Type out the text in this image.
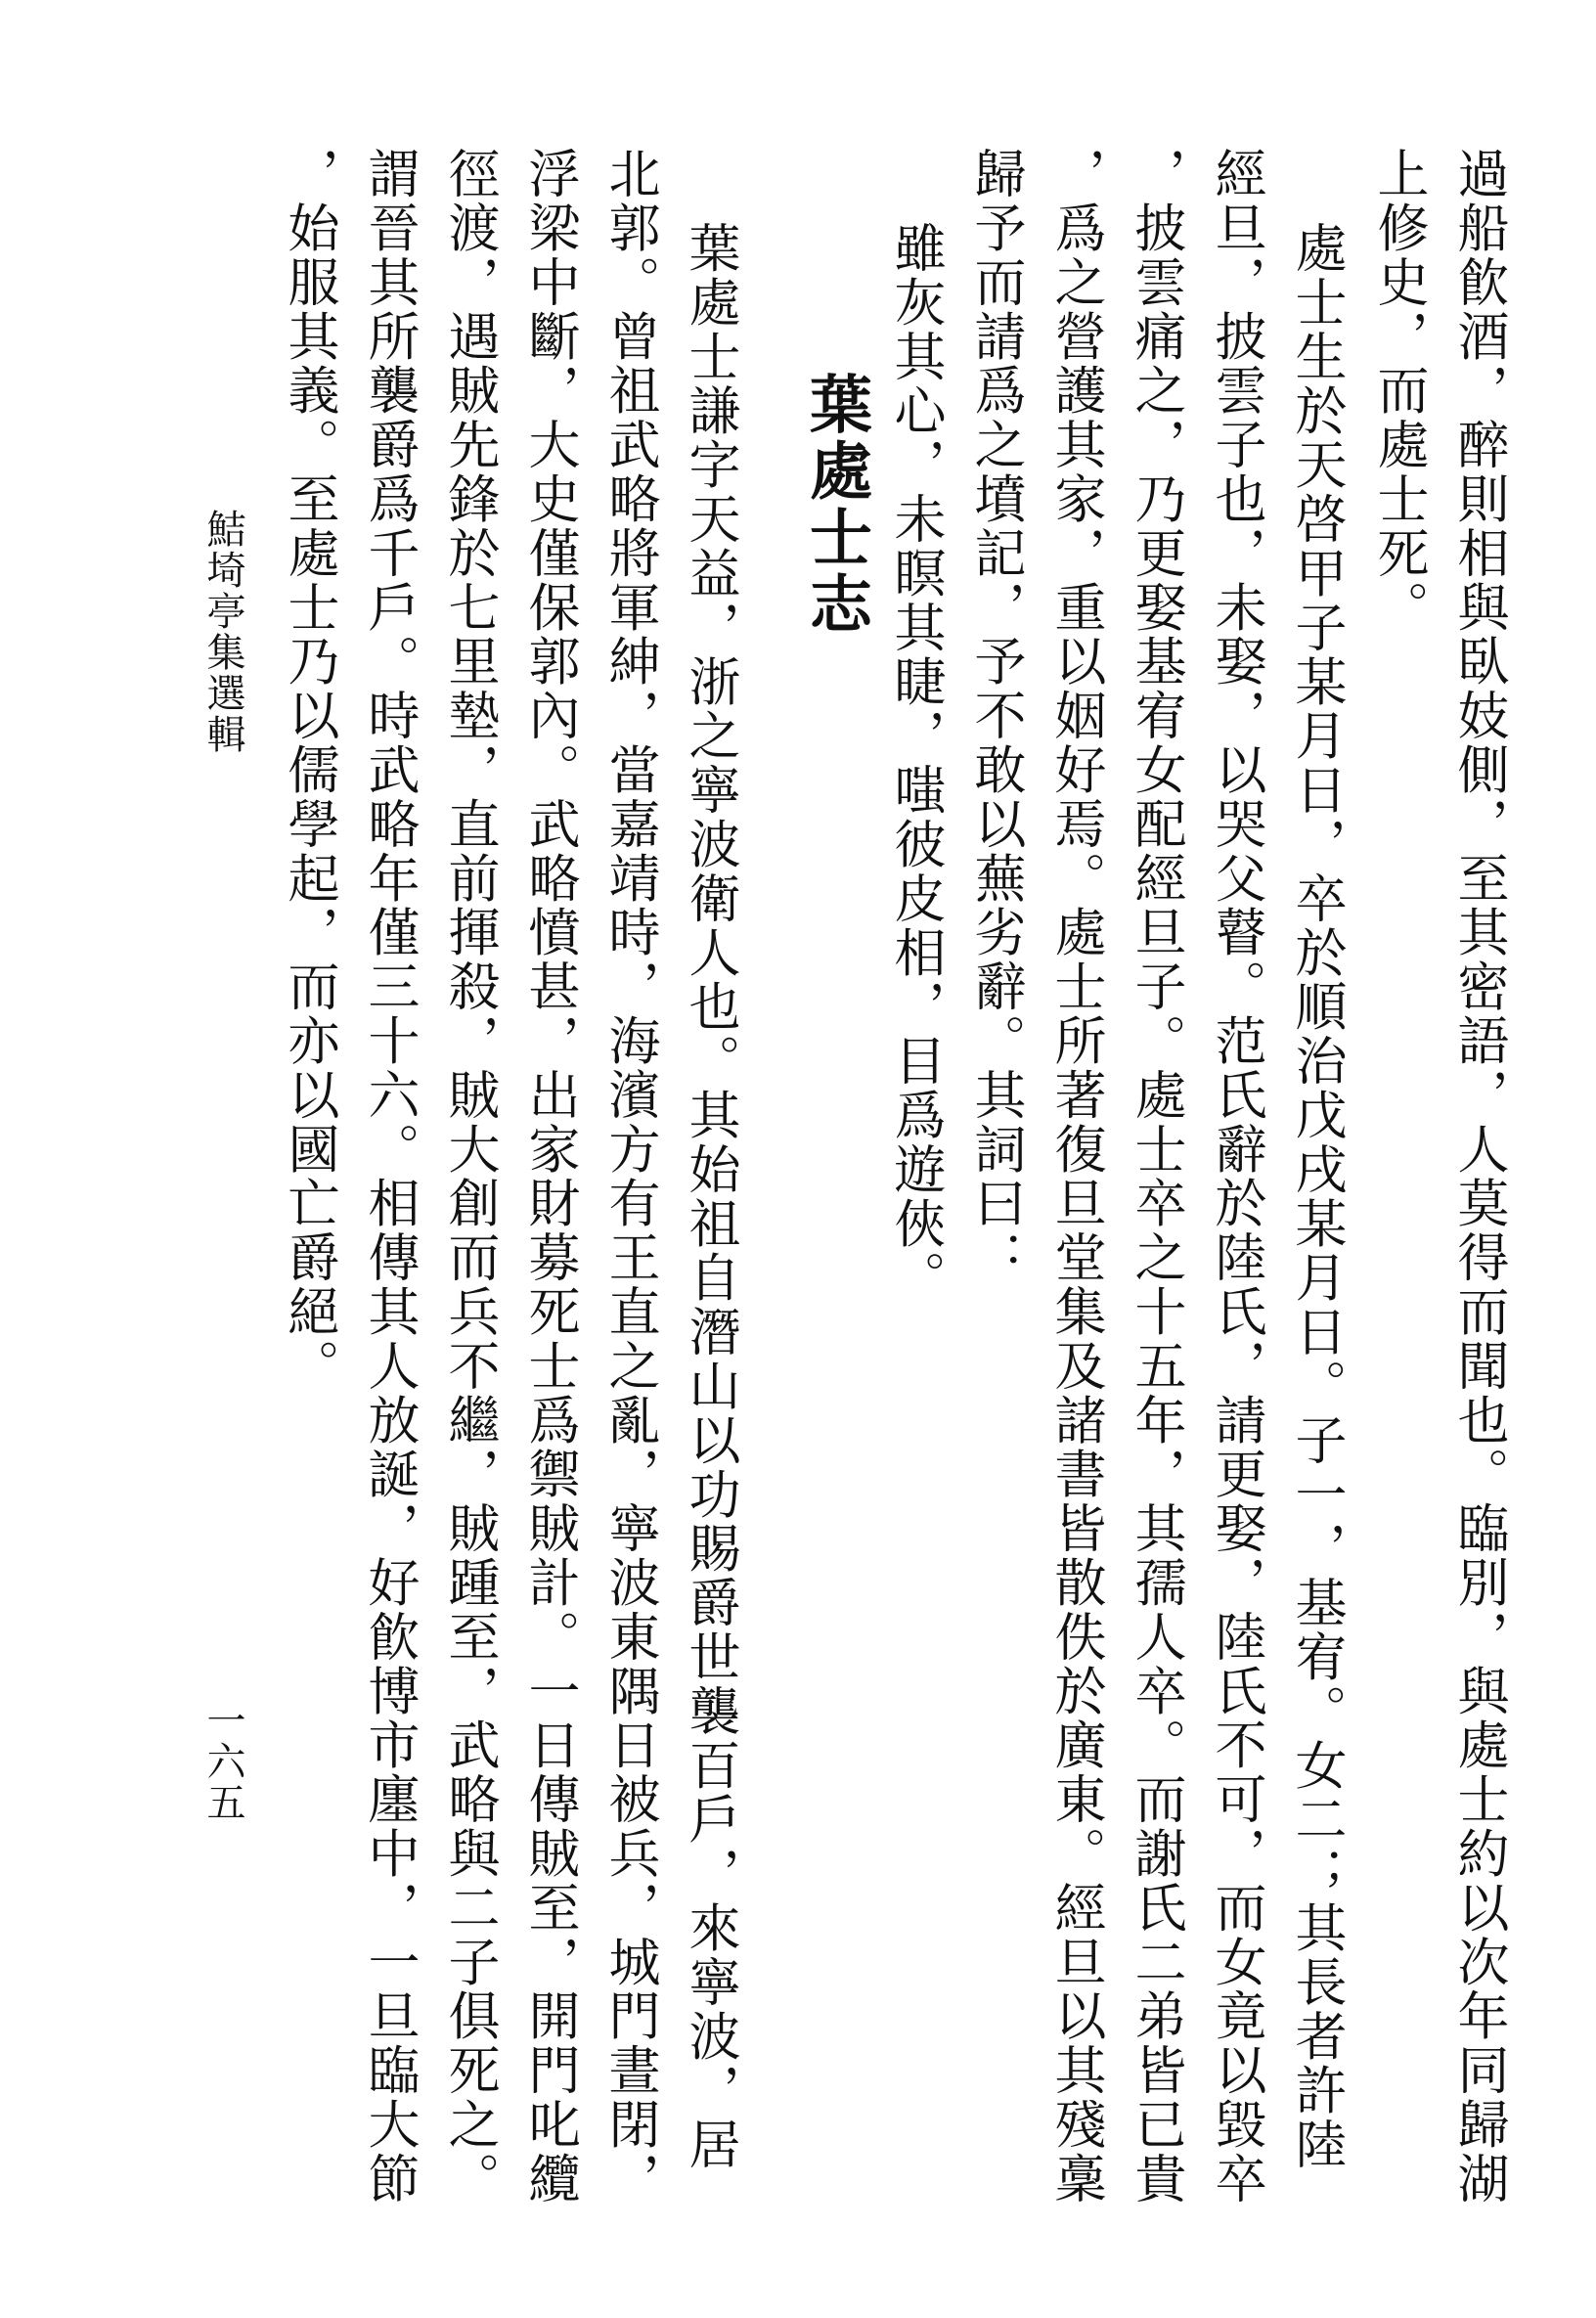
過船飮酒，醉則相與臥妓側，至其密語，人莫得而聞也。臨別，與處士約以次年同歸湖
上修史，而處士死。
處士生於天啓甲子某月日，卒於順治戊戌某月日。子一，基宥。女二；其長者許陸
經旦，披雲子也，未娶，以哭父瞽。范氏辭於陸氏，請更娶，陸氏不可，而女竟以毀卒
，披雲痛之，乃更娶基宥女配經旦子。處士卒之十五年，其孺人卒。而謝氏二弟皆已貴
，爲之營護其家，重以姻好焉。處士所著復旦堂集及諸書皆散佚於廣東。經旦以其殘稾
歸予而請爲之墳記，予不敢以蕪劣辭。其詞曰：
雖灰其心，未瞑其睫，嗤彼皮相，目爲遊俠。
葉處士志
葉處士謙字天益，浙之寧波衛人也。其始祖自潛山以功賜爵世襲百戶，來寧波，居
北郭。曾祖武略將軍紳，當嘉靖時，海濱方有王直之亂，寧波東隅日被兵，城門晝閉，
浮梁中斷，大史僅保郭內。武略憤甚，出家財募死士爲禦賊計。一日傳賊至，開門叱纜
徑渡，遇賊先鋒於七里墊，直前揮殺，賊大創而兵不繼，賊踵至，武略與二子俱死之。
謂晉其所襲爵爲千戶。時武略年僅三十六。相傳其人放誕，好飮博市廛中，一旦臨大節
，始服其義。至處士乃以儒學起，而亦以國亡爵絕。
鮚埼亭集選輯
一六五
